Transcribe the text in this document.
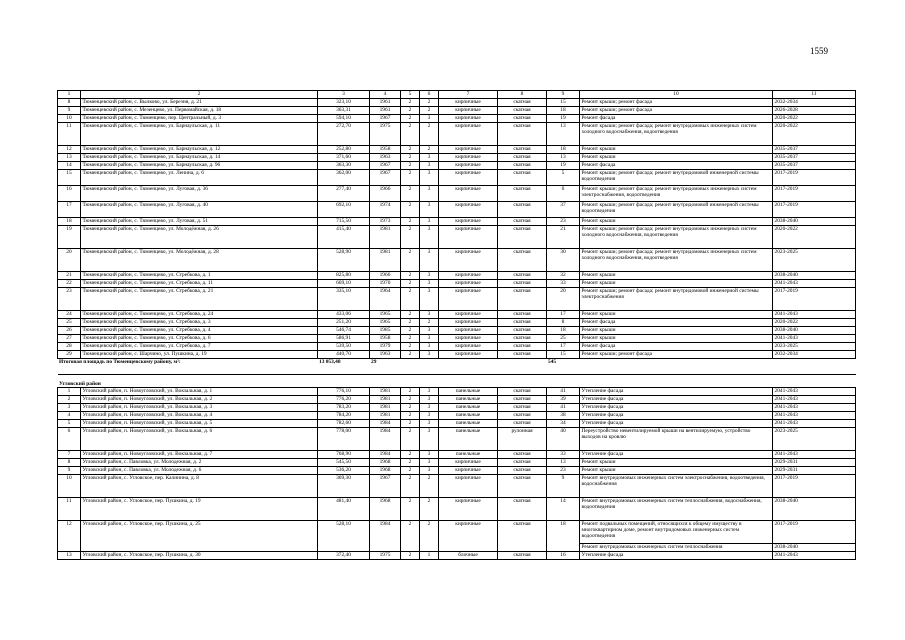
1559
1	2	3	4	5	6	7	8	9	10	11
8	Тюменцевский район, с. Вылково, ул. Березня, д. 21	323,10	1961	2	2	кирпичные	скатная	15	Ремонт крыши; ремонт фасада	2032-2034
9	Тюменцевский район, с. Мезенцево, ул. Первомайская, д. 18	363,31	1961	2	2	кирпичные	скатная	18	Ремонт крыши; ремонт фасада	2026-2028
10	Тюменцевский район, с. Тюменцево, пер. Центральный, д. 3	594,10	1967	2	3	кирпичные	скатная	19	Ремонт фасада	2020-2022
11	Тюменцевский район, с. Тюменцево, ул. Барнаульская, д. 11	272,70	1975	2	2	кирпичные	скатная	13	Ремонт крыши; ремонт фасада; ремонт внутридомовых инженерных систем холодного водоснабжения, водоотведения	2020-2022
12	Тюменцевский район, с. Тюменцево, ул. Барнаульская, д. 12	252,80	1958	2	2	кирпичные	скатная	18	Ремонт крыши	2035-2037
13	Тюменцевский район, с. Тюменцево, ул. Барнаульская, д. 14	371,60	1963	2	3	кирпичные	скатная	13	Ремонт крыши	2035-2037
14	Тюменцевский район, с. Тюменцево, ул. Барнаульская, д. 96	363,30	1967	2	3	кирпичные	скатная	19	Ремонт фасада	2035-2037
15	Тюменцевский район, с. Тюменцево, ул. Ленина, д. 6	362,00	1967	2	3	кирпичные	скатная	5	Ремонт крыши; ремонт фасада; ремонт внутридомовой инженерной системы водоотведения	2017-2019
16	Тюменцевский район, с. Тюменцево, ул. Луговая, д. 36	277,40	1966	2	3	кирпичные	скатная	6	Ремонт крыши; ремонт фасада; ремонт внутридомовых инженерных систем электроснабжения, водоотведения	2017-2019
17	Тюменцевский район, с. Тюменцево, ул. Луговая, д. 40	692,10	1974	2	3	кирпичные	скатная	37	Ремонт крыши; ремонт фасада; ремонт внутридомовой инженерной системы водоотведения	2017-2019
18	Тюменцевский район, с. Тюменцево, ул. Луговая, д. 51	715,50	1973	2	3	кирпичные	скатная	23	Ремонт крыши	2038-2040
19	Тюменцевский район, с. Тюменцево, ул. Молодёжная, д. 26	415,40	1981	2	3	кирпичные	скатная	21	Ремонт крыши; ремонт фасада; ремонт внутридомовых инженерных систем холодного водоснабжения, водоотведения	2020-2022
20	Тюменцевский район, с. Тюменцево, ул. Молодёжная, д. 28	528,90	1981	2	3	кирпичные	скатная	30	Ремонт крыши; ремонт фасада; ремонт внутридомовых инженерных систем холодного водоснабжения, водоотведения	2023-2025
21	Тюменцевский район, с. Тюменцево, ул. Стребкова, д. 1	825,80	1966	2	3	кирпичные	скатная	32	Ремонт крыши	2038-2040
22	Тюменцевский район, с. Тюменцево, ул. Стребкова, д. 11	669,10	1970	2	3	кирпичные	скатная	33	Ремонт крыши	2041-2043
23	Тюменцевский район, с. Тюменцево, ул. Стребкова, д. 21	335,10	1964	2	3	кирпичные	скатная	20	Ремонт крыши; ремонт фасада; ремонт внутридомовой инженерной системы электроснабжения	2017-2019
24	Тюменцевский район, с. Тюменцево, ул. Стребкова, д. 24	433,06	1965	2	3	кирпичные	скатная	17	Ремонт крыши	2041-2043
25	Тюменцевский район, с. Тюменцево, ул. Стребкова, д. 3	251,20	1965	2	2	кирпичные	скатная	8	Ремонт фасада	2020-2022
26	Тюменцевский район, с. Тюменцево, ул. Стребкова, д. 4	546,74	1985	2	3	кирпичные	скатная	18	Ремонт крыши	2038-2040
27	Тюменцевский район, с. Тюменцево, ул. Стребкова, д. 6	586,91	1958	2	3	кирпичные	скатная	25	Ремонт крыши	2041-2043
28	Тюменцевский район, с. Тюменцево, ул. Стребкова, д. 7	539,50	1979	2	3	кирпичные	скатная	17	Ремонт фасада	2023-2025
29	Тюменцевский район, с. Шарчино, ул. Пушкина, д. 19	440,70	1963	2	3	кирпичные	скатная	15	Ремонт крыши; ремонт фасада	2032-2034
Итоговая площадь по Тюменцевскому району, м²:		13 053,48	29					545		
Угловский район										
1	Угловский район, п. Новоугловский, ул. Вокзальная, д. 1	776,10	1981	2	3	панельные	скатная	41	Утепление фасада	2041-2043
2	Угловский район, п. Новоугловский, ул. Вокзальная, д. 2	776,20	1981	2	3	панельные	скатная	39	Утепление фасада	2041-2043
3	Угловский район, п. Новоугловский, ул. Вокзальная, д. 3	783,20	1981	2	3	панельные	скатная	41	Утепление фасада	2041-2043
4	Угловский район, п. Новоугловский, ул. Вокзальная, д. 4	784,20	1981	2	3	панельные	скатная	38	Утепление фасада	2041-2043
5	Угловский район, п. Новоугловский, ул. Вокзальная, д. 5	782,60	1984	2	3	панельные	скатная	34	Утепление фасада	2041-2043
6	Угловский район, п. Новоугловский, ул. Вокзальная, д. 6	778,00	1984	2	3	панельные	рулонная	40	Переустройство невентилируемой крыши на вентилируемую, устройство выходов на кровлю	2023-2025
7	Угловский район, п. Новоугловский, ул. Вокзальная, д. 7	768,90	1984	2	3	панельные	скатная	33	Утепление фасада	2041-2043
8	Угловский район, с. Павловка, ул. Молодежная, д. 2	545,50	1968	2	3	кирпичные	скатная	13	Ремонт крыши	2029-2031
9	Угловский район, с. Павловка, ул. Молодежная, д. 6	536,20	1968	2	3	кирпичные	скатная	23	Ремонт крыши	2029-2031
10	Угловский район, с. Угловское, пер. Калинина, д. 8	369,30	1967	2	2	кирпичные	скатная	9	Ремонт внутридомовых инженерных систем электроснабжения, водоотведения, водоснабжения	2017-2019
11	Угловский район, с. Угловское, пер. Пушкина, д. 19	481,40	1968	2	2	кирпичные	скатная	14	Ремонт внутридомовых инженерных систем теплоснабжения, водоснабжения, водоотведения	2038-2040
12	Угловский район, с. Угловское, пер. Пушкина, д. 25	528,10	1984	2	2	кирпичные	скатная	18	Ремонт подвальных помещений, относящихся к общему имуществу в многоквартирном доме, ремонт внутридомовых инженерных систем водоотведения	2017-2019
									Ремонт внутридомовых инженерных систем теплоснабжения	2038-2040
13	Угловский район, с. Угловское, пер. Пушкина, д. 30	372,40	1975	2	1	блочные	скатная	16	Утепление фасада	2041-2043
